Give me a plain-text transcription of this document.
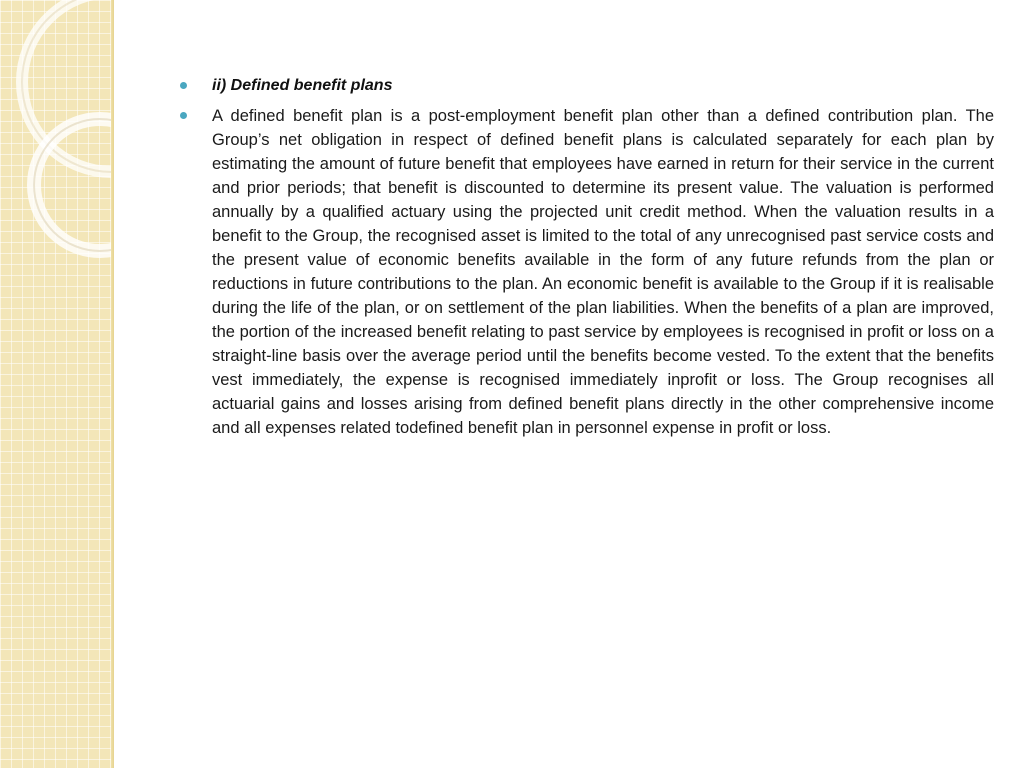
ii) Defined benefit plans
A defined benefit plan is a post-employment benefit plan other than a defined contribution plan. The Group’s net obligation in respect of defined benefit plans is calculated separately for each plan by estimating the amount of future benefit that employees have earned in return for their service in the current and prior periods; that benefit is discounted to determine its present value. The valuation is performed annually by a qualified actuary using the projected unit credit method. When the valuation results in a benefit to the Group, the recognised asset is limited to the total of any unrecognised past service costs and the present value of economic benefits available in the form of any future refunds from the plan or reductions in future contributions to the plan. An economic benefit is available to the Group if it is realisable during the life of the plan, or on settlement of the plan liabilities. When the benefits of a plan are improved, the portion of the increased benefit relating to past service by employees is recognised in profit or loss on a straight-line basis over the average period until the benefits become vested. To the extent that the benefits vest immediately, the expense is recognised immediately inprofit or loss. The Group recognises all actuarial gains and losses arising from defined benefit plans directly in the other comprehensive income and all expenses related todefined benefit plan in personnel expense in profit or loss.
